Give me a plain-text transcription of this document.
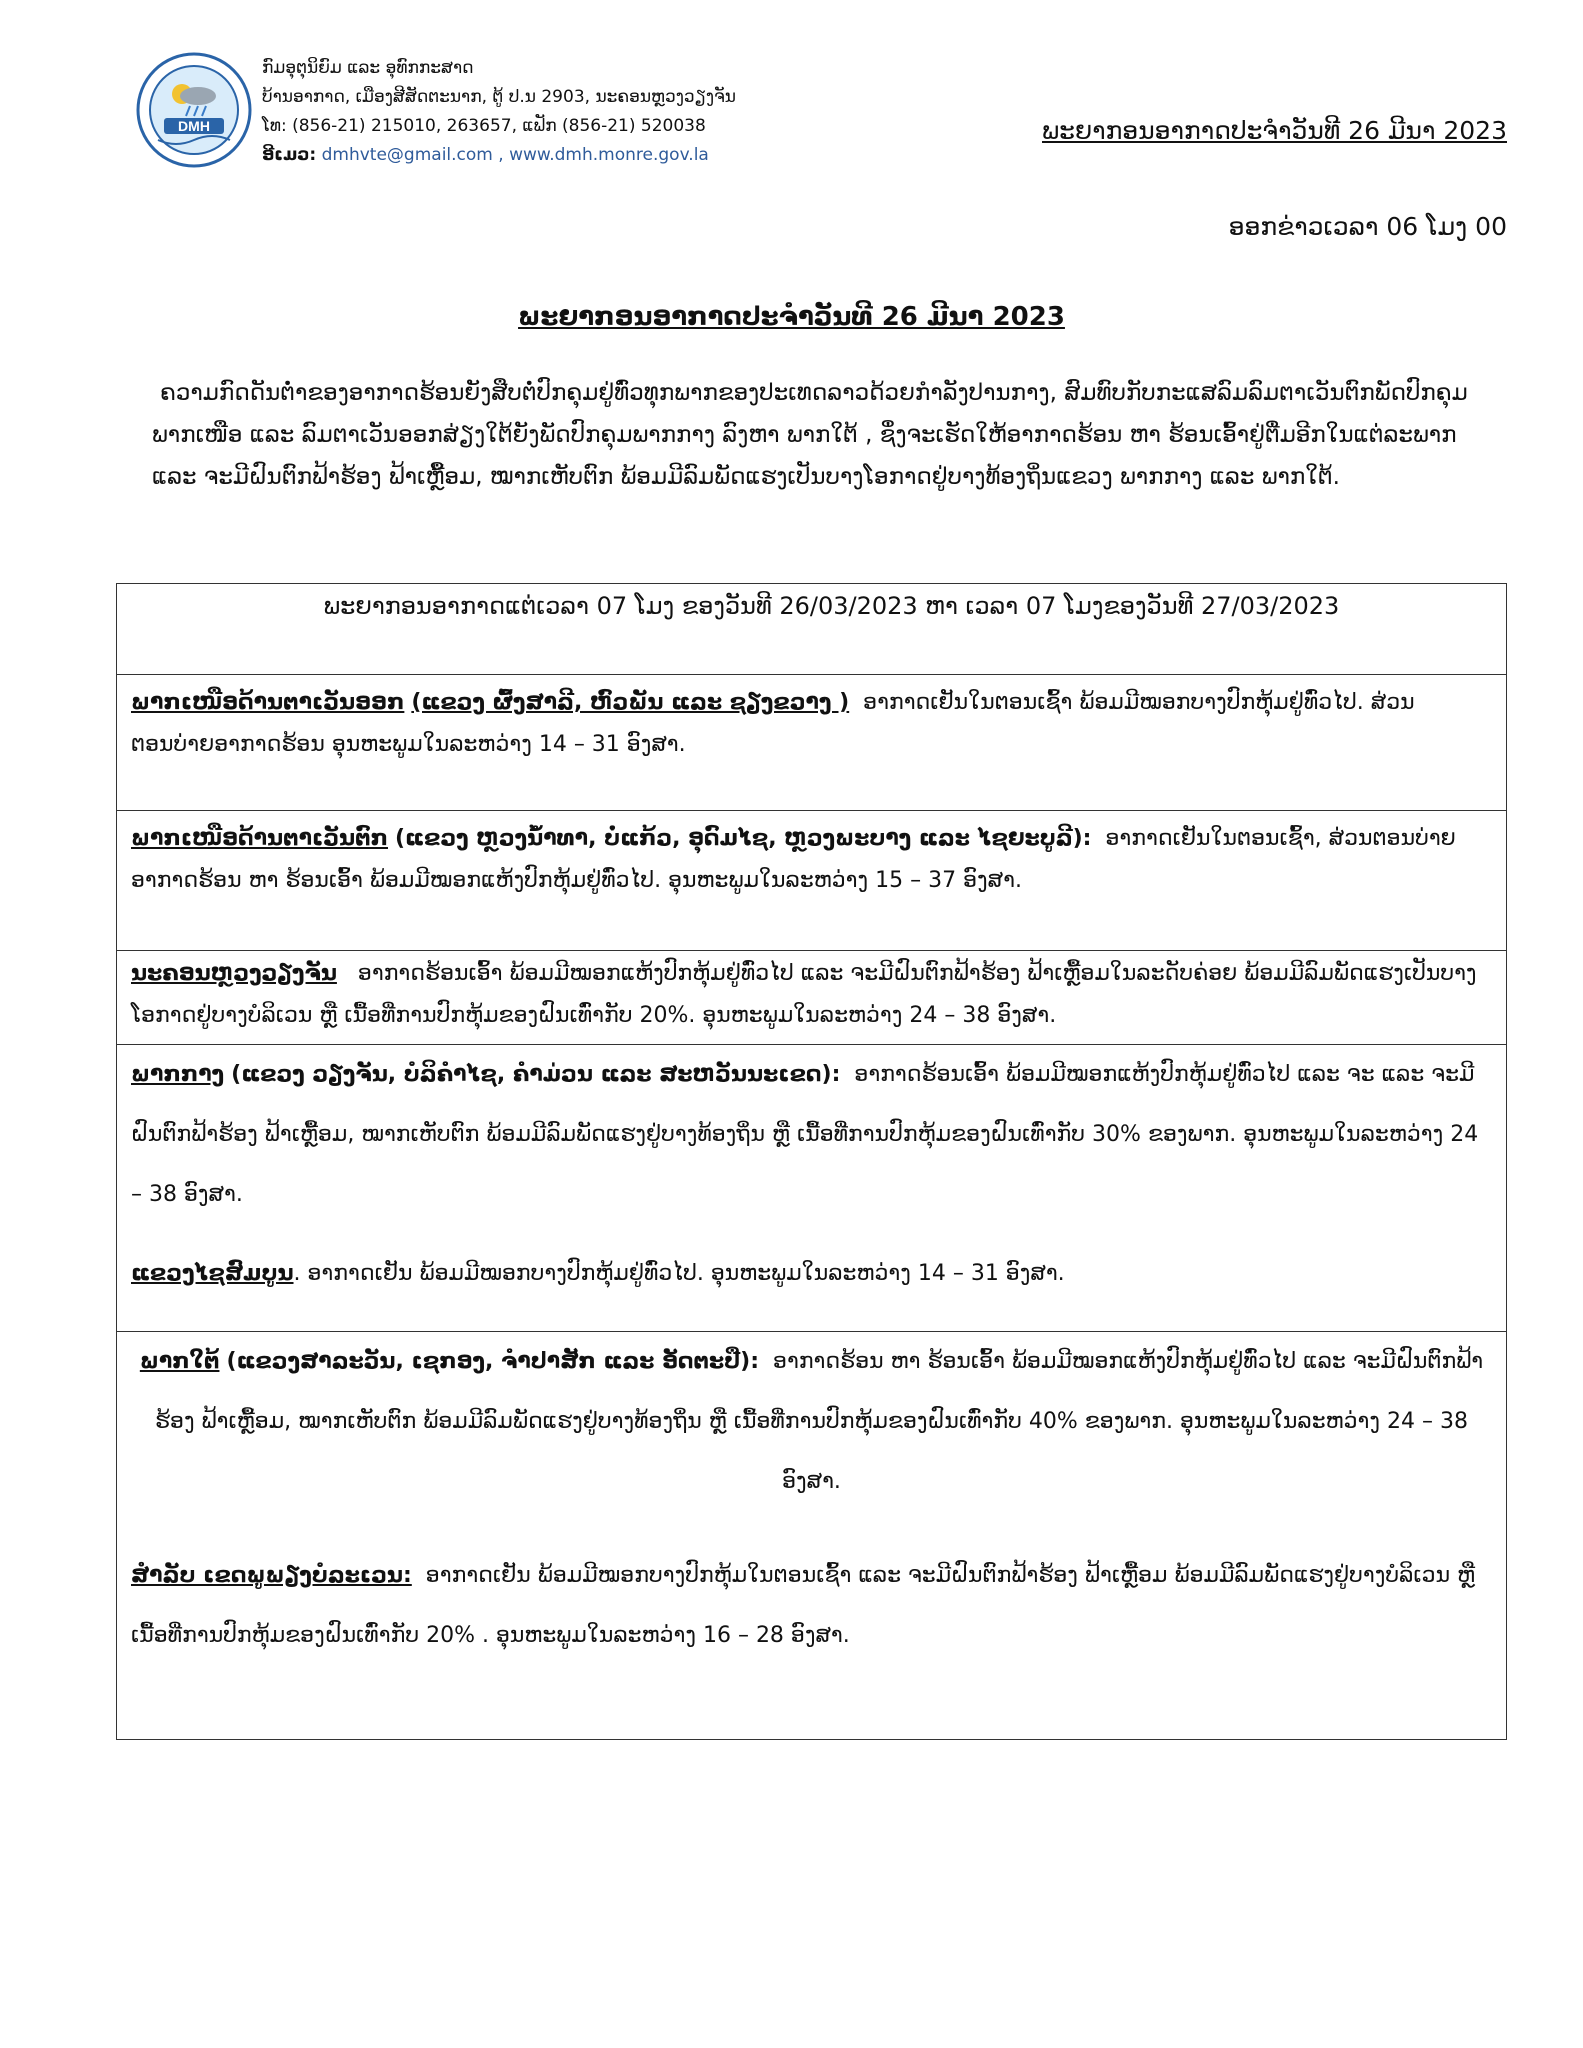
DMH
ກົມອຸຕຸນິຍົມ ແລະ ອຸທົກກະສາດ
ບ້ານອາກາດ, ເມືອງສີສັດຕະນາກ, ຕູ້ ປ.ນ 2903, ນະຄອນຫຼວງວຽງຈັນ
ໂທ: (856-21) 215010, 263657, ແຟັກ (856-21) 520038
ອີເມວ: dmhvte@gmail.com , www.dmh.monre.gov.la
ພະຍາກອນອາກາດປະຈຳວັນທີ 26 ມີນາ 2023
ອອກຂ່າວເວລາ 06 ໂມງ 00
ພະຍາກອນອາກາດປະຈຳວັນທີ 26 ມີນາ 2023
ຄວາມກົດດັນຕ່ຳຂອງອາກາດຮ້ອນຍັງສືບຕໍ່ປົກຄຸມຢູ່ທົ່ວທຸກພາກຂອງປະເທດລາວດ້ວຍກຳລັງປານກາງ, ສົມທົບກັບກະແສລົມລົມຕາເວັນຕົກພັດປົກຄຸມພາກເໜືອ ແລະ ລົມຕາເວັນອອກສ່ຽງໃຕ້ຍັງພັດປົກຄຸມພາກກາງ ລົງຫາ ພາກໃຕ້ , ຊຶ່ງຈະເຮັດໃຫ້ອາກາດຮ້ອນ ຫາ ຮ້ອນເອົ້າຢູ່ຕື່ມອີກໃນແຕ່ລະພາກ ແລະ ຈະມີຝົນຕົກຟ້າຮ້ອງ ຟ້າເຫຼື້ອມ, ໝາກເຫັບຕົກ ພ້ອມມີລົມພັດແຮງເປັນບາງໂອກາດຢູ່ບາງທ້ອງຖິ່ນແຂວງ ພາກກາງ ແລະ ພາກໃຕ້.
ພະຍາກອນອາກາດແຕ່ເວລາ 07 ໂມງ ຂອງວັນທີ 26/03/2023 ຫາ ເວລາ 07 ໂມງຂອງວັນທີ 27/03/2023
ພາກເໜືອດ້ານຕາເວັນອອກ (ແຂວງ ຜົ້ງສາລີ, ຫົວພັນ ແລະ ຊຽງຂວາງ ) ອາກາດເຢັນໃນຕອນເຊົ້າ ພ້ອມມີໝອກບາງປົກຫຸ້ມຢູ່ທົ່ວໄປ. ສ່ວນຕອນບ່າຍອາກາດຮ້ອນ ອຸນຫະພູມໃນລະຫວ່າງ 14 – 31 ອົງສາ.
ພາກເໜືອດ້ານຕາເວັນຕົກ (ແຂວງ ຫຼວງນ້ຳທາ, ບໍ່ແກ້ວ, ອຸດົມໄຊ, ຫຼວງພະບາງ ແລະ ໄຊຍະບູລີ): ອາກາດເຢັນໃນຕອນເຊົ້າ, ສ່ວນຕອນບ່າຍອາກາດຮ້ອນ ຫາ ຮ້ອນເອົ້າ ພ້ອມມີໝອກແຫ້ງປົກຫຸ້ມຢູ່ທົ່ວໄປ. ອຸນຫະພູມໃນລະຫວ່າງ 15 – 37 ອົງສາ.
ນະຄອນຫຼວງວຽງຈັນ ອາກາດຮ້ອນເອົ້າ ພ້ອມມີໝອກແຫ້ງປົກຫຸ້ມຢູ່ທົ່ວໄປ ແລະ ຈະມີຝົນຕົກຟ້າຮ້ອງ ຟ້າເຫຼື້ອມໃນລະດັບຄ່ອຍ ພ້ອມມີລົມພັດແຮງເປັນບາງໂອກາດຢູ່ບາງບໍລິເວນ ຫຼື ເນື້ອທີ່ການປົກຫຸ້ມຂອງຝົນເທົ່າກັບ 20%. ອຸນຫະພູມໃນລະຫວ່າງ 24 – 38 ອົງສາ.
ພາກກາງ (ແຂວງ ວຽງຈັນ, ບໍລິຄຳໄຊ, ຄຳມ່ວນ ແລະ ສະຫວັນນະເຂດ): ອາກາດຮ້ອນເອົ້າ ພ້ອມມີໝອກແຫ້ງປົກຫຸ້ມຢູ່ທົ່ວໄປ ແລະ ຈະ ແລະ ຈະມີຝົນຕົກຟ້າຮ້ອງ ຟ້າເຫຼື້ອມ, ໝາກເຫັບຕົກ ພ້ອມມີລົມພັດແຮງຢູ່ບາງທ້ອງຖິ່ນ ຫຼື ເນື້ອທີ່ການປົກຫຸ້ມຂອງຝົນເທົ່າກັບ 30% ຂອງພາກ. ອຸນຫະພູມໃນລະຫວ່າງ 24 – 38 ອົງສາ.
ແຂວງໄຊສົມບູນ. ອາກາດເຢັນ ພ້ອມມີໝອກບາງປົກຫຸ້ມຢູ່ທົ່ວໄປ. ອຸນຫະພູມໃນລະຫວ່າງ 14 – 31 ອົງສາ.
ພາກໃຕ້ (ແຂວງສາລະວັນ, ເຊກອງ, ຈຳປາສັກ ແລະ ອັດຕະປື): ອາກາດຮ້ອນ ຫາ ຮ້ອນເອົ້າ ພ້ອມມີໝອກແຫ້ງປົກຫຸ້ມຢູ່ທົ່ວໄປ ແລະ ຈະມີຝົນຕົກຟ້າຮ້ອງ ຟ້າເຫຼື້ອມ, ໝາກເຫັບຕົກ ພ້ອມມີລົມພັດແຮງຢູ່ບາງທ້ອງຖິ່ນ ຫຼື ເນື້ອທີ່ການປົກຫຸ້ມຂອງຝົນເທົ່າກັບ 40% ຂອງພາກ. ອຸນຫະພູມໃນລະຫວ່າງ 24 – 38 ອົງສາ.
ສຳລັບ ເຂດພູພຽງບໍລະເວນ: ອາກາດເຢັນ ພ້ອມມີໝອກບາງປົກຫຸ້ມໃນຕອນເຊົ້າ ແລະ ຈະມີຝົນຕົກຟ້າຮ້ອງ ຟ້າເຫຼື້ອມ ພ້ອມມີລົມພັດແຮງຢູ່ບາງບໍລິເວນ ຫຼື ເນື້ອທີ່ການປົກຫຸ້ມຂອງຝົນເທົ່າກັບ 20% . ອຸນຫະພູມໃນລະຫວ່າງ 16 – 28 ອົງສາ.
